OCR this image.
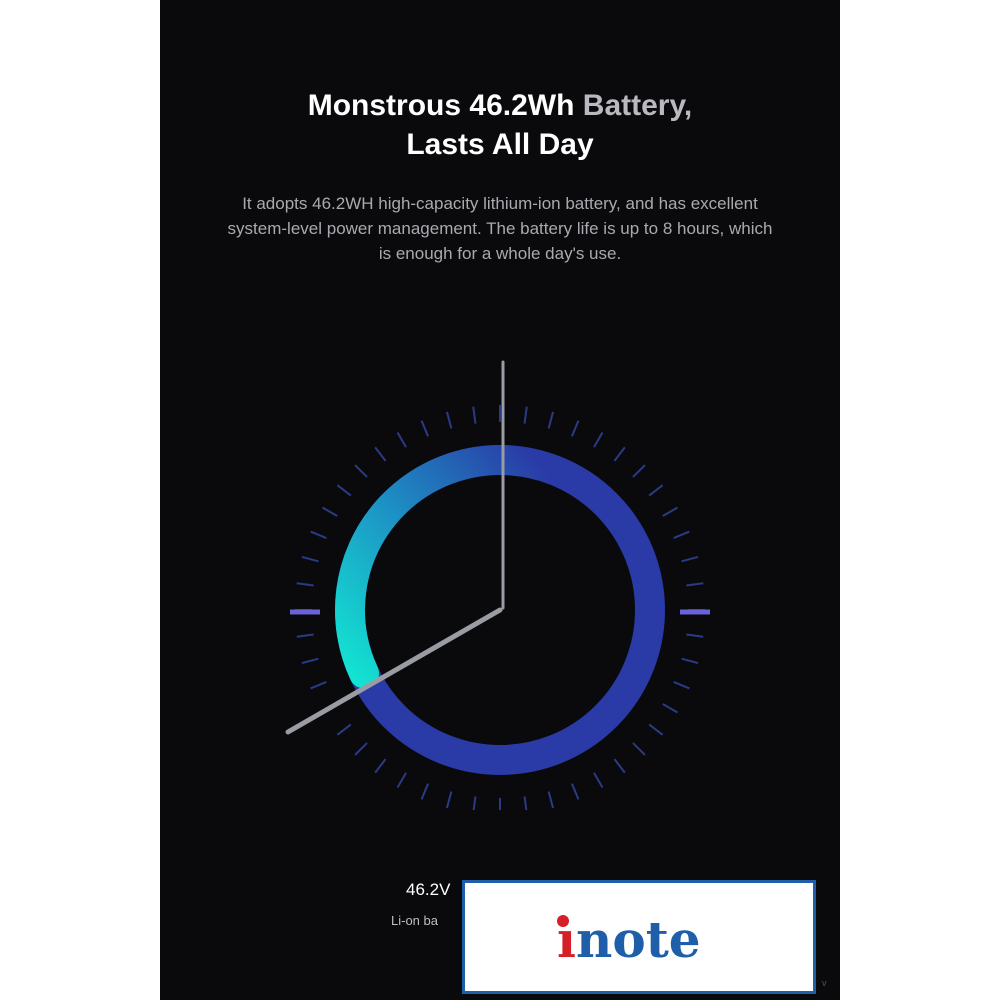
Monstrous 46.2Wh Battery,
Lasts All Day

It adopts 46.2WH high-capacity lithium-ion battery, and has excellent system-level power management. The battery life is up to 8 hours, which is enough for a whole day's use.

46.2V
Li-on ba	ınote
v
